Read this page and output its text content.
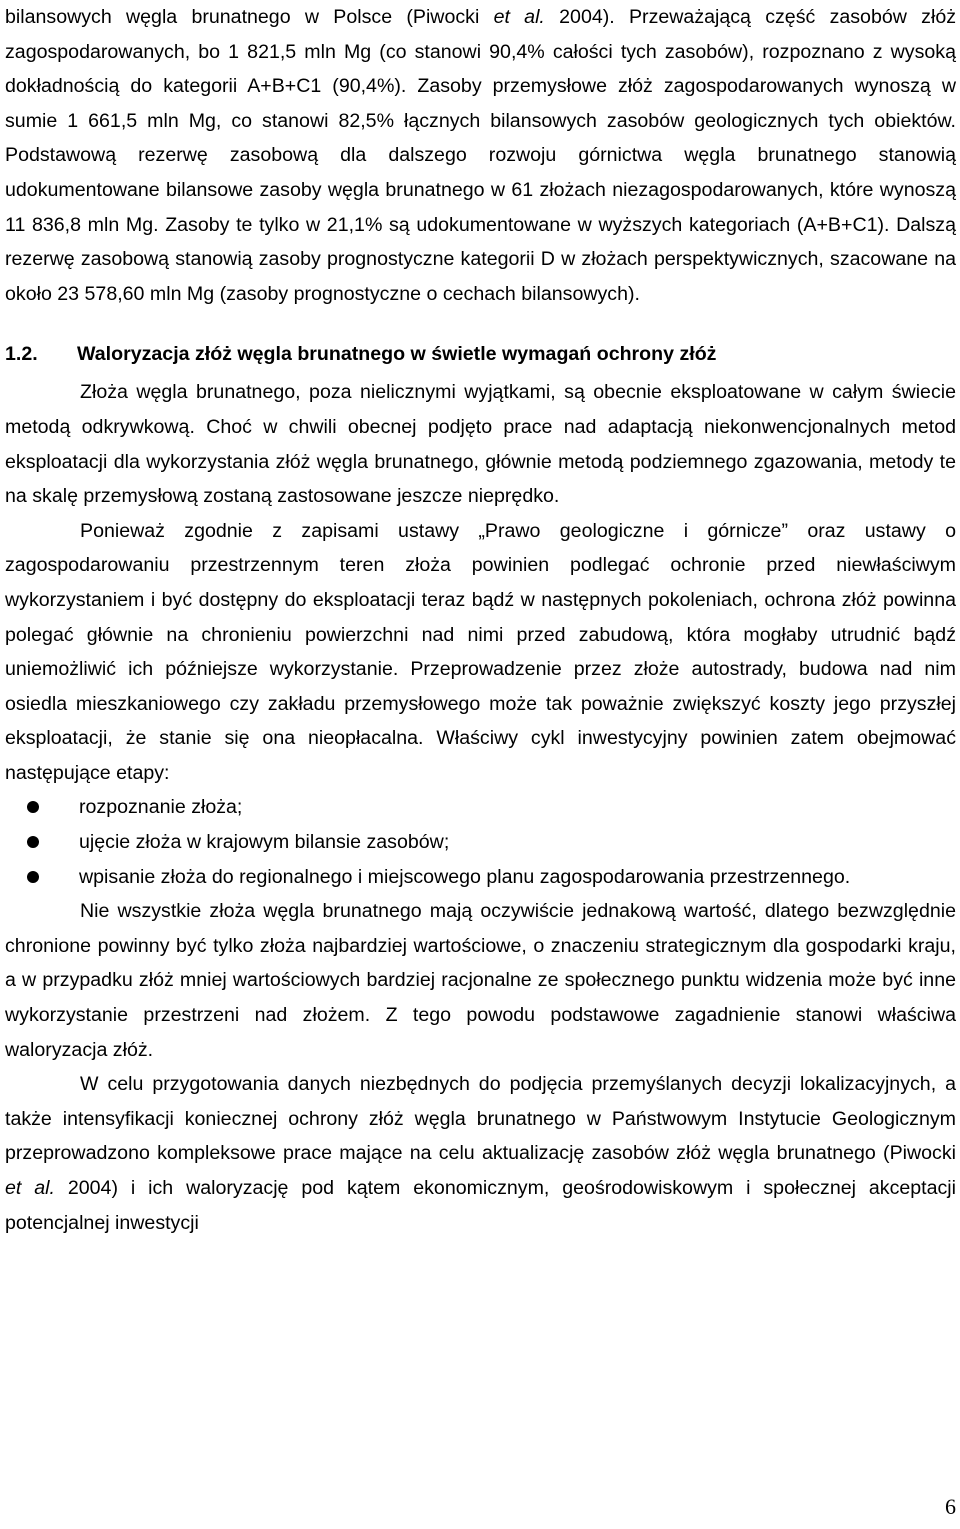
bilansowych węgla brunatnego w Polsce (Piwocki et al. 2004). Przeważającą część zasobów złóż zagospodarowanych, bo 1 821,5 mln Mg (co stanowi 90,4% całości tych zasobów), rozpoznano z wysoką dokładnością do kategorii A+B+C1 (90,4%). Zasoby przemysłowe złóż zagospodarowanych wynoszą w sumie 1 661,5 mln Mg, co stanowi 82,5% łącznych bilansowych zasobów geologicznych tych obiektów. Podstawową rezerwę zasobową dla dalszego rozwoju górnictwa węgla brunatnego stanowią udokumentowane bilansowe zasoby węgla brunatnego w 61 złożach niezagospodarowanych, które wynoszą 11 836,8 mln Mg. Zasoby te tylko w 21,1% są udokumentowane w wyższych kategoriach (A+B+C1). Dalszą rezerwę zasobową stanowią zasoby prognostyczne kategorii D w złożach perspektywicznych, szacowane na około 23 578,60 mln Mg (zasoby prognostyczne o cechach bilansowych).

1.2. Waloryzacja złóż węgla brunatnego w świetle wymagań ochrony złóż

Złoża węgla brunatnego, poza nielicznymi wyjątkami, są obecnie eksploatowane w całym świecie metodą odkrywkową. Choć w chwili obecnej podjęto prace nad adaptacją niekonwencjonalnych metod eksploatacji dla wykorzystania złóż węgla brunatnego, głównie metodą podziemnego zgazowania, metody te na skalę przemysłową zostaną zastosowane jeszcze nieprędko.

Ponieważ zgodnie z zapisami ustawy „Prawo geologiczne i górnicze” oraz ustawy o zagospodarowaniu przestrzennym teren złoża powinien podlegać ochronie przed niewłaściwym wykorzystaniem i być dostępny do eksploatacji teraz bądź w następnych pokoleniach, ochrona złóż powinna polegać głównie na chronieniu powierzchni nad nimi przed zabudową, która mogłaby utrudnić bądź uniemożliwić ich późniejsze wykorzystanie. Przeprowadzenie przez złoże autostrady, budowa nad nim osiedla mieszkaniowego czy zakładu przemysłowego może tak poważnie zwiększyć koszty jego przyszłej eksploatacji, że stanie się ona nieopłacalna. Właściwy cykl inwestycyjny powinien zatem obejmować następujące etapy:

rozpoznanie złoża;
ujęcie złoża w krajowym bilansie zasobów;
wpisanie złoża do regionalnego i miejscowego planu zagospodarowania przestrzennego.

Nie wszystkie złoża węgla brunatnego mają oczywiście jednakową wartość, dlatego bezwzględnie chronione powinny być tylko złoża najbardziej wartościowe, o znaczeniu strategicznym dla gospodarki kraju, a w przypadku złóż mniej wartościowych bardziej racjonalne ze społecznego punktu widzenia może być inne wykorzystanie przestrzeni nad złożem. Z tego powodu podstawowe zagadnienie stanowi właściwa waloryzacja złóż.

W celu przygotowania danych niezbędnych do podjęcia przemyślanych decyzji lokalizacyjnych, a także intensyfikacji koniecznej ochrony złóż węgla brunatnego w Państwowym Instytucie Geologicznym przeprowadzono kompleksowe prace mające na celu aktualizację zasobów złóż węgla brunatnego (Piwocki et al. 2004) i ich waloryzację pod kątem ekonomicznym, geośrodowiskowym i społecznej akceptacji potencjalnej inwestycji

6
